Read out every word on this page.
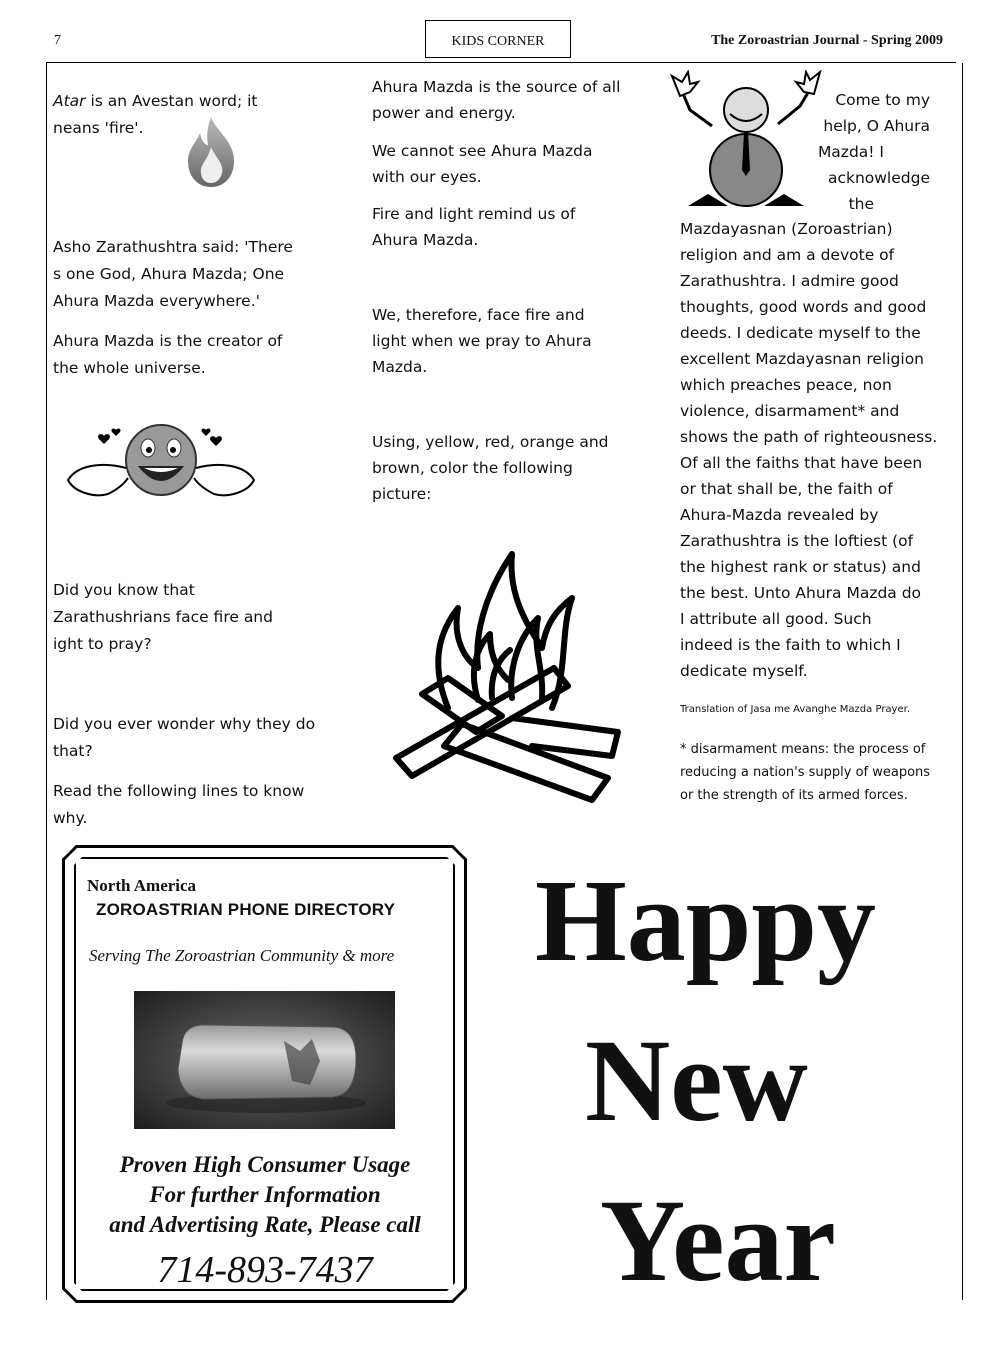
7	KIDS CORNER	The Zoroastrian Journal - Spring 2009
Atar is an Avestan word; it
neans 'fire'.
Asho Zarathushtra said: 'There
s one God, Ahura Mazda; One
Ahura Mazda everywhere.'
Ahura Mazda is the creator of
the whole universe.
Did you know that
Zarathushrians face fire and
ight to pray?
Did you ever wonder why they do
that?
Read the following lines to know
why.
Ahura Mazda is the source of all
power and energy.
We cannot see Ahura Mazda
with our eyes.
Fire and light remind us of
Ahura Mazda.
We, therefore, face fire and
light when we pray to Ahura
Mazda.
Using, yellow, red, orange and
brown, color the following
picture:
Come to my
help, O Ahura
Mazda! I
acknowledge
the
Mazdayasnan (Zoroastrian)
religion and am a devote of
Zarathushtra. I admire good
thoughts, good words and good
deeds. I dedicate myself to the
excellent Mazdayasnan religion
which preaches peace, non
violence, disarmament* and
shows the path of righteousness.
Of all the faiths that have been
or that shall be, the faith of
Ahura-Mazda revealed by
Zarathushtra is the loftiest (of
the highest rank or status) and
the best. Unto Ahura Mazda do
I attribute all good. Such
indeed is the faith to which I
dedicate myself.
Translation of Jasa me Avanghe Mazda Prayer.
* disarmament means: the process of
reducing a nation's supply of weapons
or the strength of its armed forces.
North America
ZOROASTRIAN PHONE DIRECTORY
Serving The Zoroastrian Community & more
Proven High Consumer Usage
For further Information
and Advertising Rate, Please call
714-893-7437
Happy
New
Year
